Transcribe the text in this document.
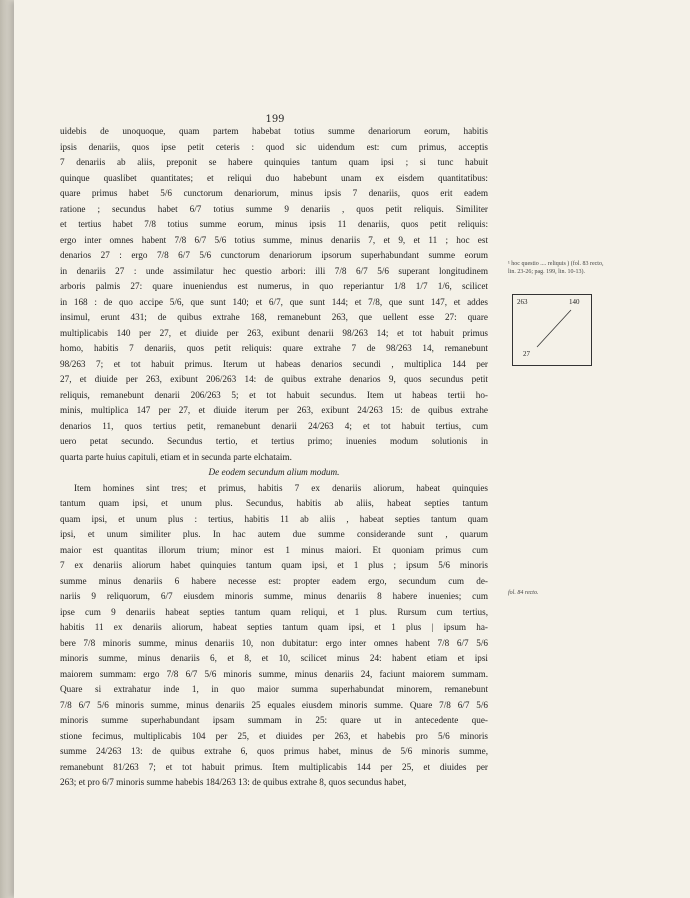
199
uidebis de unoquoque, quam partem habebat totius summe denariorum eorum, habitis
ipsis denariis, quos ipse petit ceteris : quod sic uidendum est: cum primus, acceptis
7 denariis ab aliis, preponit se habere quinquies tantum quam ipsi ; si tunc habuit
quinque quaslibet quantitates; et reliqui duo habebunt unam ex eisdem quantitatibus:
quare primus habet 5/6 cunctorum denariorum, minus ipsis 7 denariis, quos erit eadem
ratione ; secundus habet 6/7 totius summe 9 denariis , quos petit reliquis. Similiter
et tertius habet 7/8 totius summe eorum, minus ipsis 11 denariis, quos petit reliquis:
ergo inter omnes habent 7/8 6/7 5/6 totius summe, minus denariis 7, et 9, et 11 ; hoc est
denarios 27 : ergo 7/8 6/7 5/6 cunctorum denariorum ipsorum superhabundant summe eorum
in denariis 27 : unde assimilatur hec questio arbori: illi 7/8 6/7 5/6 superant longitudinem
arboris palmis 27: quare inueniendus est numerus, in quo reperiantur 1/8 1/7 1/6, scilicet
in 168 : de quo accipe 5/6, que sunt 140; et 6/7, que sunt 144; et 7/8, que sunt 147, et addes
insimul, erunt 431; de quibus extrahe 168, remanebunt 263, que uellent esse 27: quare
multiplicabis 140 per 27, et diuide per 263, exibunt denarii 98/263 14; et tot habuit primus
homo, habitis 7 denariis, quos petit reliquis: quare extrahe 7 de 98/263 14, remanebunt
98/263 7; et tot habuit primus. Iterum ut habeas denarios secundi , multiplica 144 per
27, et diuide per 263, exibunt 206/263 14: de quibus extrahe denarios 9, quos secundus petit
reliquis, remanebunt denarii 206/263 5; et tot habuit secundus. Item ut habeas tertii ho-
minis, multiplica 147 per 27, et diuide iterum per 263, exibunt 24/263 15: de quibus extrahe
denarios 11, quos tertius petit, remanebunt denarii 24/263 4; et tot habuit tertius, cum
uero petat secundo. Secundus tertio, et tertius primo; inuenies modum solutionis in
quarta parte huius capituli, etiam et in secunda parte elchataim.
De eodem secundum alium modum.
Item homines sint tres; et primus, habitis 7 ex denariis aliorum, habeat quinquies
tantum quam ipsi, et unum plus. Secundus, habitis ab aliis, habeat septies tantum
quam ipsi, et unum plus : tertius, habitis 11 ab aliis , habeat septies tantum quam
ipsi, et unum similiter plus. In hac autem due summe considerande sunt , quarum
maior est quantitas illorum trium; minor est 1 minus maiori. Et quoniam primus cum
7 ex denariis aliorum habet quinquies tantum quam ipsi, et 1 plus ; ipsum 5/6 minoris
summe minus denariis 6 habere necesse est: propter eadem ergo, secundum cum de-
nariis 9 reliquorum, 6/7 eiusdem minoris summe, minus denariis 8 habere inuenies; cum
ipse cum 9 denariis habeat septies tantum quam reliqui, et 1 plus. Rursum cum tertius,
habitis 11 ex denariis aliorum, habeat septies tantum quam ipsi, et 1 plus | ipsum ha-
bere 7/8 minoris summe, minus denariis 10, non dubitatur: ergo inter omnes habent 7/8 6/7 5/6
minoris summe, minus denariis 6, et 8, et 10, scilicet minus 24: habent etiam et ipsi
maiorem summam: ergo 7/8 6/7 5/6 minoris summe, minus denariis 24, faciunt maiorem summam.
Quare si extrahatur inde 1, in quo maior summa superhabundat minorem, remanebunt
7/8 6/7 5/6 minoris summe, minus denariis 25 equales eiusdem minoris summe. Quare 7/8 6/7 5/6
minoris summe superhabundant ipsam summam in 25: quare ut in antecedente que-
stione fecimus, multiplicabis 104 per 25, et diuides per 263, et habebis pro 5/6 minoris
summe 24/263 13: de quibus extrahe 6, quos primus habet, minus de 5/6 minoris summe,
remanebunt 81/263 7; et tot habuit primus. Item multiplicabis 144 per 25, et diuides per
263; et pro 6/7 minoris summe habebis 184/263 13: de quibus extrahe 8, quos secundus habet,
¹ hoc questio .... reliquis ) (fol. 83 recto, lin. 23-26; pag. 199, lin. 10-13).
263	140
27
fol. 84 recto.
